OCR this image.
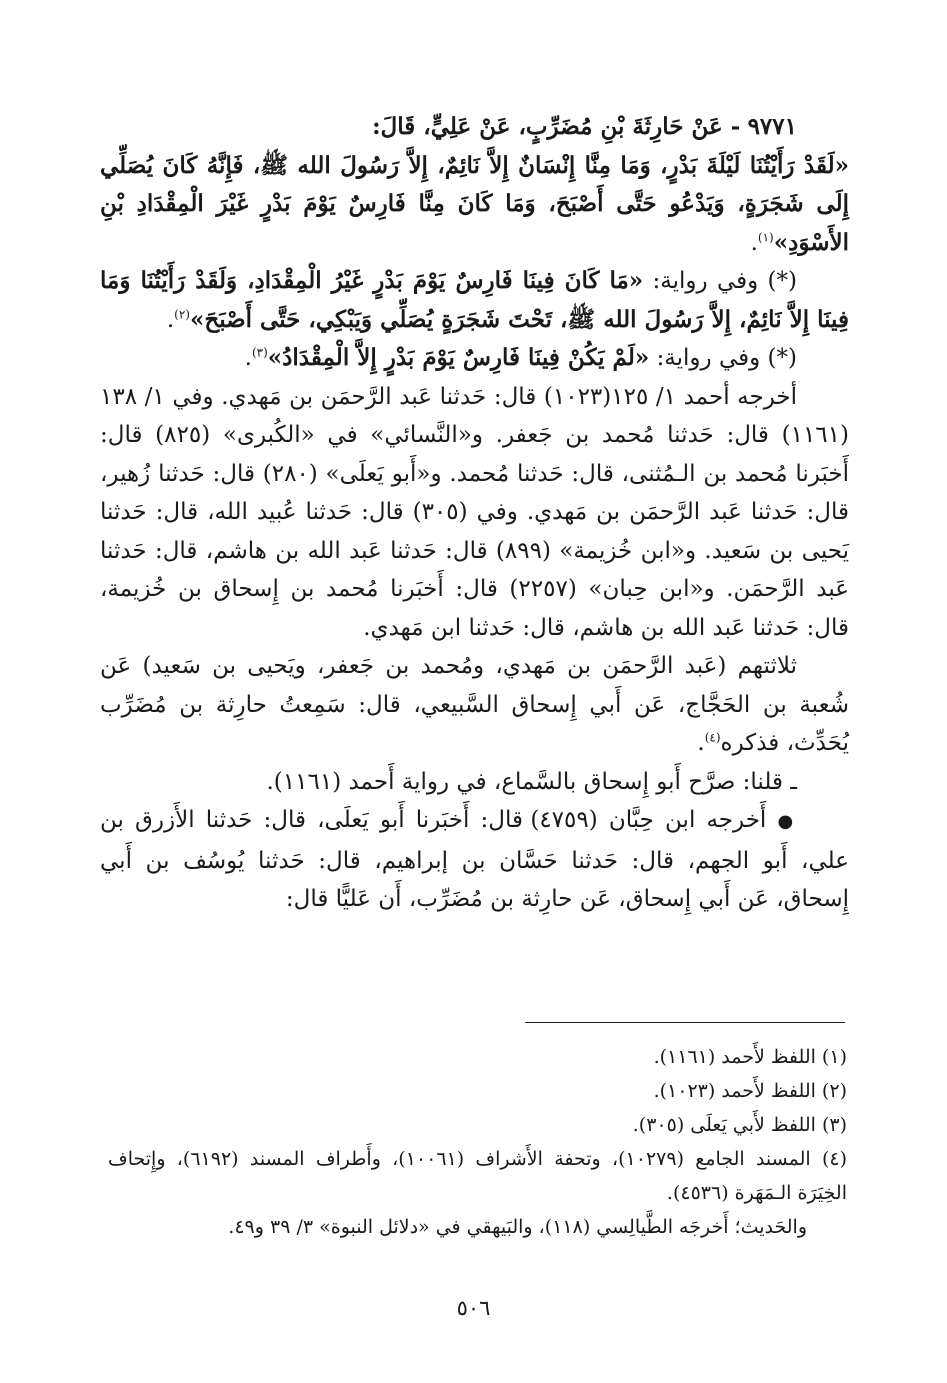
٩٧٧١ - عَنْ حَارِثَةَ بْنِ مُضَرِّبٍ، عَنْ عَلِيٍّ، قَالَ:

«لَقَدْ رَأَيْتُنَا لَيْلَةَ بَدْرٍ، وَمَا مِنَّا إِنْسَانٌ إِلاَّ نَائِمٌ، إِلاَّ رَسُولَ الله ﷺ، فَإِنَّهُ كَانَ يُصَلِّي إِلَى شَجَرَةٍ، وَيَدْعُو حَتَّى أَصْبَحَ، وَمَا كَانَ مِنَّا فَارِسٌ يَوْمَ بَدْرٍ غَيْرَ الْمِقْدَادِ بْنِ الأَسْوَدِ»$^{(١)}$.

(*) وفي رواية: «مَا كَانَ فِينَا فَارِسٌ يَوْمَ بَدْرٍ غَيْرُ الْمِقْدَادِ، وَلَقَدْ رَأَيْتُنَا وَمَا فِينَا إِلاَّ نَائِمٌ، إِلاَّ رَسُولَ الله ﷺ، تَحْتَ شَجَرَةٍ يُصَلِّي وَيَبْكِي، حَتَّى أَصْبَحَ»$^{(٢)}$.

(*) وفي رواية: «لَمْ يَكُنْ فِينَا فَارِسٌ يَوْمَ بَدْرٍ إِلاَّ الْمِقْدَادُ»$^{(٣)}$.

أخرجه أحمد ١/ ١٢٥(١٠٢٣) قال: حَدثنا عَبد الرَّحمَن بن مَهدي. وفي ١/ ١٣٨ (١١٦١) قال: حَدثنا مُحمد بن جَعفر. و«النَّسائي» في «الكُبرى» (٨٢٥) قال: أَخبَرنا مُحمد بن الـمُثنى، قال: حَدثنا مُحمد. و«أَبو يَعلَى» (٢٨٠) قال: حَدثنا زُهير، قال: حَدثنا عَبد الرَّحمَن بن مَهدي. وفي (٣٠٥) قال: حَدثنا عُبيد الله، قال: حَدثنا يَحيى بن سَعيد. و«ابن خُزيمة» (٨٩٩) قال: حَدثنا عَبد الله بن هاشم، قال: حَدثنا عَبد الرَّحمَن. و«ابن حِبان» (٢٢٥٧) قال: أَخبَرنا مُحمد بن إِسحاق بن خُزيمة، قال: حَدثنا عَبد الله بن هاشم، قال: حَدثنا ابن مَهدي.

ثلاثتهم (عَبد الرَّحمَن بن مَهدي، ومُحمد بن جَعفر، ويَحيى بن سَعيد) عَن شُعبة بن الحَجَّاج، عَن أَبي إِسحاق السَّبيعي، قال: سَمِعتُ حارِثة بن مُضَرِّب يُحَدِّث، فذكره$^{(٤)}$.

ـ قلنا: صرَّح أَبو إِسحاق بالسَّماع، في رواية أَحمد (١١٦١).

● أَخرجه ابن حِبَّان (٤٧٥٩) قال: أَخبَرنا أَبو يَعلَى، قال: حَدثنا الأَزرق بن علي، أَبو الجهم، قال: حَدثنا حَسَّان بن إبراهيم، قال: حَدثنا يُوسُف بن أَبي إِسحاق، عَن أَبي إِسحاق، عَن حارِثة بن مُضَرِّب، أَن عَليًّا قال:

(١) اللفظ لأَحمد (١١٦١).

(٢) اللفظ لأَحمد (١٠٢٣).

(٣) اللفظ لأَبي يَعلَى (٣٠٥).

(٤) المسند الجامع (١٠٢٧٩)، وتحفة الأَشراف (١٠٠٦١)، وأَطراف المسند (٦١٩٢)، وإِتحاف الخِيَرَة الـمَهَرة (٤٥٣٦).

والحَديث؛ أَخرجَه الطَّيالِسي (١١٨)، والبَيهقي في «دلائل النبوة» ٣/ ٣٩ و٤٩.

٥٠٦
